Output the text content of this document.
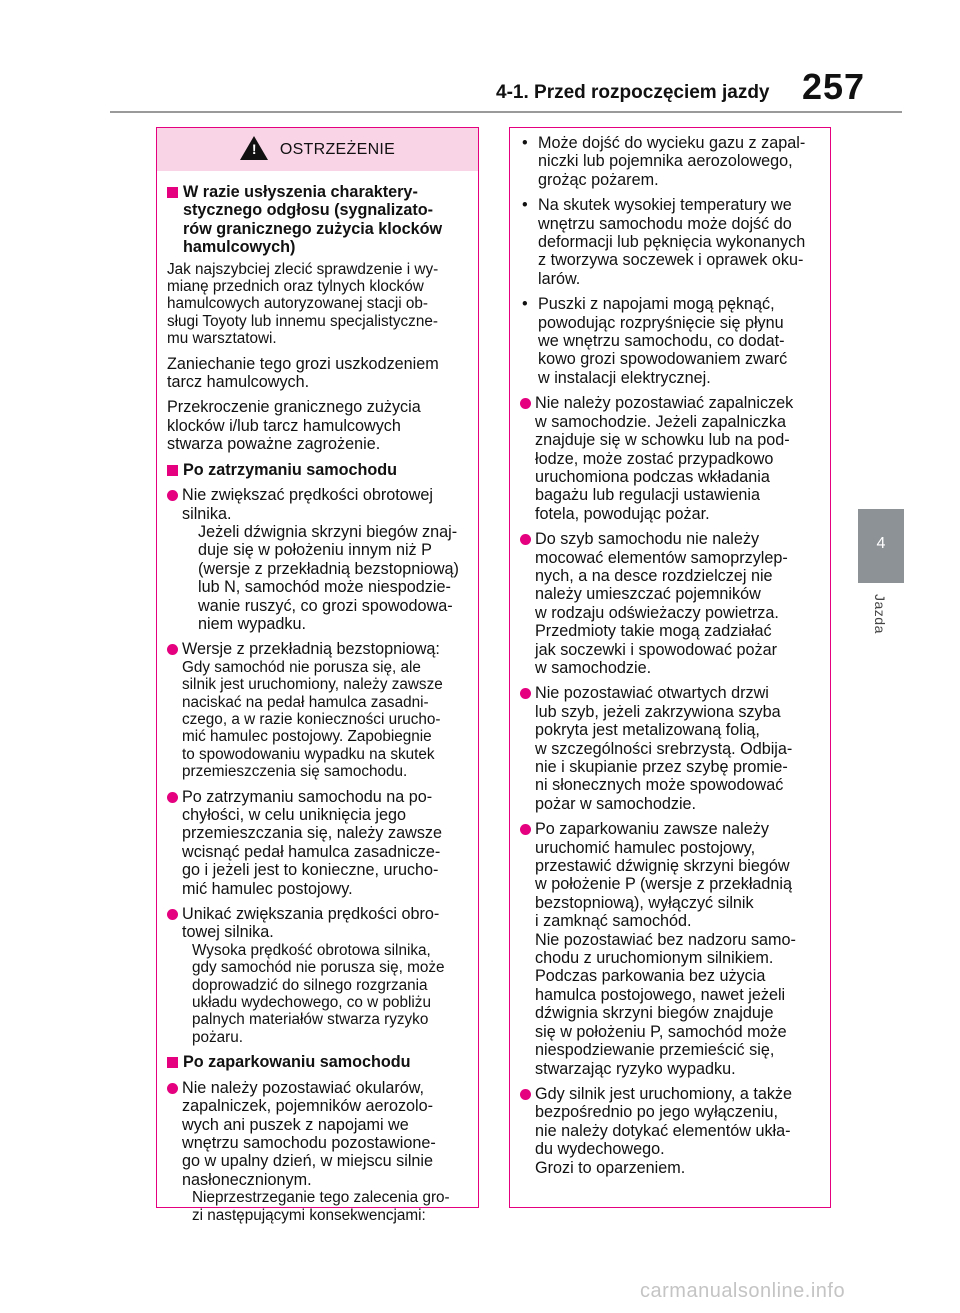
4-1. Przed rozpoczęciem jazdy 257
4
Jazda
! OSTRZEŻENIE
W razie usłyszenia charaktery-
stycznego odgłosu (sygnalizato-
rów granicznego zużycia klocków
hamulcowych)

Jak najszybciej zlecić sprawdzenie i wy-
mianę przednich oraz tylnych klocków
hamulcowych autoryzowanej stacji ob-
sługi Toyoty lub innemu specjalistyczne-
mu warsztatowi.

Zaniechanie tego grozi uszkodzeniem
tarcz hamulcowych.

Przekroczenie granicznego zużycia
klocków i/lub tarcz hamulcowych
stwarza poważne zagrożenie.

Po zatrzymaniu samochodu
Nie zwiększać prędkości obrotowej
silnika.
Jeżeli dźwignia skrzyni biegów znaj-
duje się w położeniu innym niż P
(wersje z przekładnią bezstopniową)
lub N, samochód może niespodzie-
wanie ruszyć, co grozi spowodowa-
niem wypadku.
Wersje z przekładnią bezstopniową:
Gdy samochód nie porusza się, ale
silnik jest uruchomiony, należy zawsze
naciskać na pedał hamulca zasadni-
czego, a w razie konieczności urucho-
mić hamulec postojowy. Zapobiegnie
to spowodowaniu wypadku na skutek
przemieszczenia się samochodu.
Po zatrzymaniu samochodu na po-
chyłości, w celu uniknięcia jego
przemieszczania się, należy zawsze
wcisnąć pedał hamulca zasadnicze-
go i jeżeli jest to konieczne, urucho-
mić hamulec postojowy.
Unikać zwiększania prędkości obro-
towej silnika.
Wysoka prędkość obrotowa silnika,
gdy samochód nie porusza się, może
doprowadzić do silnego rozgrzania
układu wydechowego, co w pobliżu
palnych materiałów stwarza ryzyko
pożaru.
Po zaparkowaniu samochodu
Nie należy pozostawiać okularów,
zapalniczek, pojemników aerozolo-
wych ani puszek z napojami we
wnętrzu samochodu pozostawione-
go w upalny dzień, w miejscu silnie
nasłonecznionym.
Nieprzestrzeganie tego zalecenia gro-
zi następującymi konsekwencjami:
• Może dojść do wycieku gazu z zapal-
niczki lub pojemnika aerozolowego,
grożąc pożarem.
• Na skutek wysokiej temperatury we
wnętrzu samochodu może dojść do
deformacji lub pęknięcia wykonanych
z tworzywa soczewek i oprawek oku-
larów.
• Puszki z napojami mogą pęknąć,
powodując rozpryśnięcie się płynu
we wnętrzu samochodu, co dodat-
kowo grozi spowodowaniem zwarć
w instalacji elektrycznej.
Nie należy pozostawiać zapalniczek
w samochodzie. Jeżeli zapalniczka
znajduje się w schowku lub na pod-
łodze, może zostać przypadkowo
uruchomiona podczas wkładania
bagażu lub regulacji ustawienia
fotela, powodując pożar.
Do szyb samochodu nie należy
mocować elementów samoprzylep-
nych, a na desce rozdzielczej nie
należy umieszczać pojemników
w rodzaju odświeżaczy powietrza.
Przedmioty takie mogą zadziałać
jak soczewki i spowodować pożar
w samochodzie.
Nie pozostawiać otwartych drzwi
lub szyb, jeżeli zakrzywiona szyba
pokryta jest metalizowaną folią,
w szczególności srebrzystą. Odbija-
nie i skupianie przez szybę promie-
ni słonecznych może spowodować
pożar w samochodzie.
Po zaparkowaniu zawsze należy
uruchomić hamulec postojowy,
przestawić dźwignię skrzyni biegów
w położenie P (wersje z przekładnią
bezstopniową), wyłączyć silnik
i zamknąć samochód.
Nie pozostawiać bez nadzoru samo-
chodu z uruchomionym silnikiem.
Podczas parkowania bez użycia
hamulca postojowego, nawet jeżeli
dźwignia skrzyni biegów znajduje
się w położeniu P, samochód może
niespodziewanie przemieścić się,
stwarzając ryzyko wypadku.
Gdy silnik jest uruchomiony, a także
bezpośrednio po jego wyłączeniu,
nie należy dotykać elementów ukła-
du wydechowego.
Grozi to oparzeniem.
carmanualsonline.info
